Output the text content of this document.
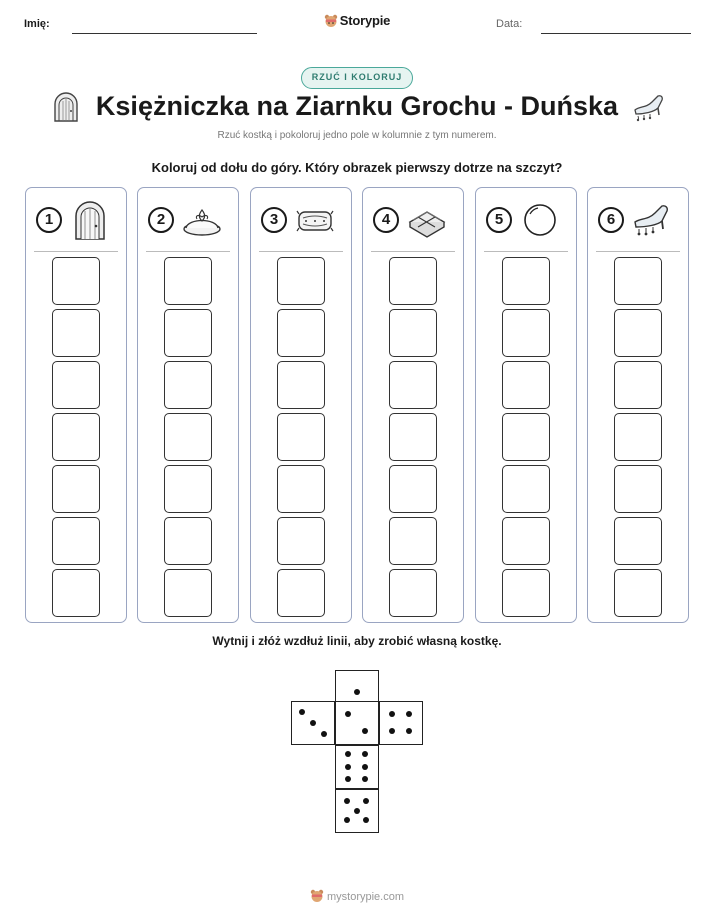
Imię:	Storypie	Data:
RZUĆ I KOLORUJ
Księżniczka na Ziarnku Grochu - Duńska
Rzuć kostką i pokoloruj jedno pole w kolumnie z tym numerem.
Koloruj od dołu do góry. Który obrazek pierwszy dotrze na szczyt?
1	2	3	4	5	6
Wytnij i złóż wzdłuż linii, aby zrobić własną kostkę.
mystorypie.com
